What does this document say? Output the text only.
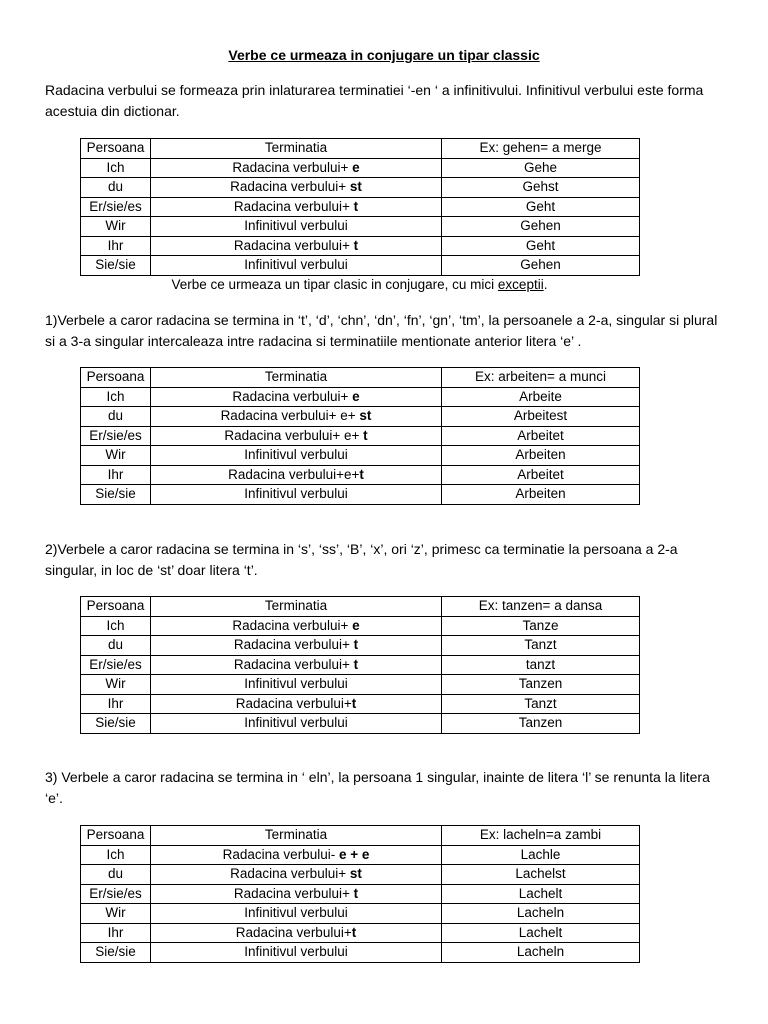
Verbe ce urmeaza in conjugare un tipar classic
Radacina verbului se formeaza prin inlaturarea terminatiei ‘-en ‘ a infinitivului. Infinitivul verbului este forma acestuia din dictionar.
Persoana	Terminatia	Ex: gehen= a merge
Ich	Radacina verbului+ e	Gehe
du	Radacina verbului+ st	Gehst
Er/sie/es	Radacina verbului+ t	Geht
Wir	Infinitivul verbului	Gehen
Ihr	Radacina verbului+ t	Geht
Sie/sie	Infinitivul verbului	Gehen
Verbe ce urmeaza un tipar clasic in conjugare, cu mici exceptii.
1)Verbele a caror radacina se termina in ‘t’, ‘d’, ‘chn’, ‘dn’, ‘fn’, ‘gn’, ‘tm’, la persoanele a 2-a, singular si plural si a 3-a singular intercaleaza intre radacina si terminatiile mentionate anterior litera ‘e’ .
Persoana	Terminatia	Ex: arbeiten= a munci
Ich	Radacina verbului+ e	Arbeite
du	Radacina verbului+ e+ st	Arbeitest
Er/sie/es	Radacina verbului+ e+ t	Arbeitet
Wir	Infinitivul verbului	Arbeiten
Ihr	Radacina verbului+e+t	Arbeitet
Sie/sie	Infinitivul verbului	Arbeiten
2)Verbele a caror radacina se termina in ‘s’, ‘ss’, ‘B’, ‘x’, ori ‘z’, primesc ca terminatie la persoana a 2-a singular, in loc de ‘st’ doar litera ‘t’.
Persoana	Terminatia	Ex: tanzen= a dansa
Ich	Radacina verbului+ e	Tanze
du	Radacina verbului+ t	Tanzt
Er/sie/es	Radacina verbului+ t	tanzt
Wir	Infinitivul verbului	Tanzen
Ihr	Radacina verbului+t	Tanzt
Sie/sie	Infinitivul verbului	Tanzen
3) Verbele a caror radacina se termina in ‘ eln’, la persoana 1 singular, inainte de litera ‘l’ se renunta la litera ‘e’.
Persoana	Terminatia	Ex: lacheln=a zambi
Ich	Radacina verbului- e + e	Lachle
du	Radacina verbului+ st	Lachelst
Er/sie/es	Radacina verbului+ t	Lachelt
Wir	Infinitivul verbului	Lacheln
Ihr	Radacina verbului+t	Lachelt
Sie/sie	Infinitivul verbului	Lacheln
